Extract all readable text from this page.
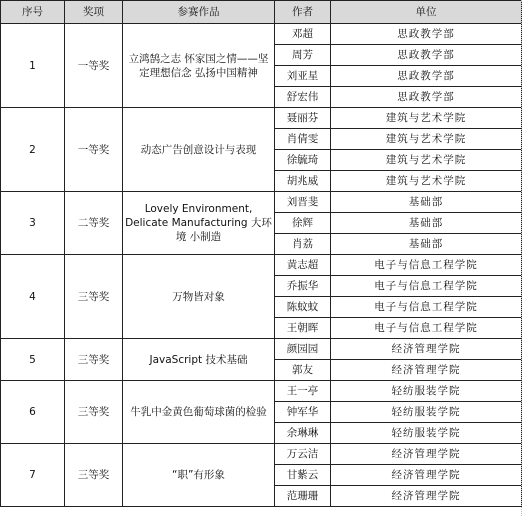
序号	奖项	参赛作品	作者	单位
1	一等奖	立鸿鹄之志 怀家国之情——坚定理想信念 弘扬中国精神	邓超	思政教学部
			周芳	思政教学部
			刘亚星	思政教学部
			舒宏伟	思政教学部
2	一等奖	动态广告创意设计与表现	聂丽芬	建筑与艺术学院
			肖倩雯	建筑与艺术学院
			徐毓琦	建筑与艺术学院
			胡兆威	建筑与艺术学院
3	二等奖	Lovely Environment, Delicate Manufacturing 大环境 小制造	刘晋斐	基础部
			徐辉	基础部
			肖荔	基础部
4	三等奖	万物皆对象	黄志超	电子与信息工程学院
			乔振华	电子与信息工程学院
			陈蚊蚊	电子与信息工程学院
			王朝晖	电子与信息工程学院
5	三等奖	JavaScript 技术基础	颜园园	经济管理学院
			郭友	经济管理学院
6	三等奖	牛乳中金黄色葡萄球菌的检验	王一亭	轻纺服装学院
			钟军华	轻纺服装学院
			余琳琳	轻纺服装学院
7	三等奖	“职”有形象	万云洁	经济管理学院
			甘紫云	经济管理学院
			范珊珊	经济管理学院
